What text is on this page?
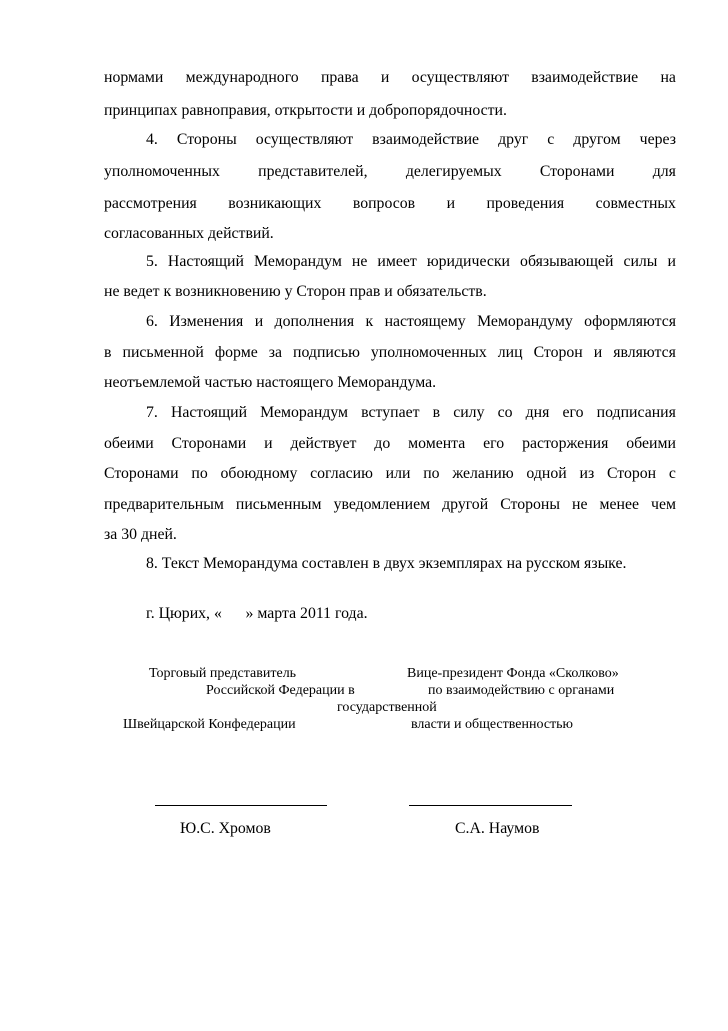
нормами международного права и осуществляют взаимодействие на
принципах равноправия, открытости и добропорядочности.
4. Стороны осуществляют взаимодействие друг с другом через
уполномоченных представителей, делегируемых Сторонами для
рассмотрения возникающих вопросов и проведения совместных
согласованных действий.
5. Настоящий Меморандум не имеет юридически обязывающей силы и
не ведет к возникновению у Сторон прав и обязательств.
6. Изменения и дополнения к настоящему Меморандуму оформляются
в письменной форме за подписью уполномоченных лиц Сторон и являются
неотъемлемой частью настоящего Меморандума.
7. Настоящий Меморандум вступает в силу со дня его подписания
обеими Сторонами и действует до момента его расторжения обеими
Сторонами по обоюдному согласию или по желанию одной из Сторон с
предварительным письменным уведомлением другой Стороны не менее чем
за 30 дней.
8. Текст Меморандума составлен в двух экземплярах на русском языке.
г. Цюрих, «      » марта 2011 года.
Торговый представитель
Российской Федерации в
Швейцарской Конфедерации
Вице-президент Фонда «Сколково»
по взаимодействию с органами
государственной
власти и общественностью
Ю.С. Хромов	С.А. Наумов
